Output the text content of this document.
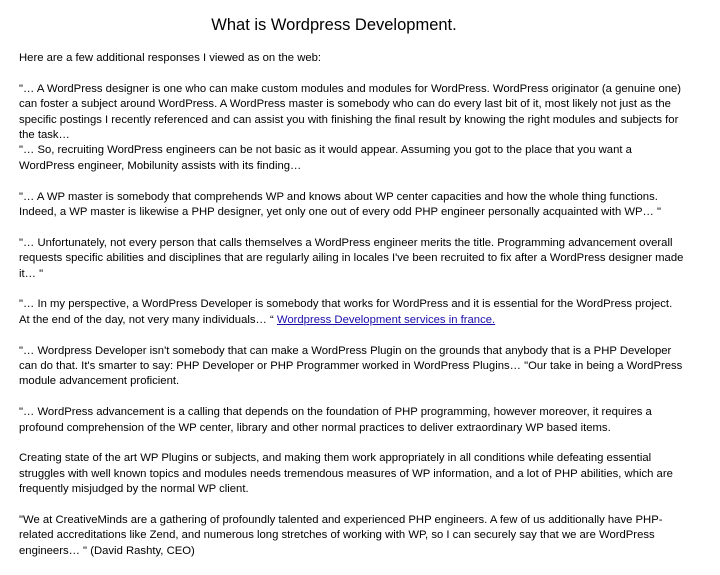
What is Wordpress Development.

Here are a few additional responses I viewed as on the web:

"… A WordPress designer is one who can make custom modules and modules for WordPress. WordPress originator (a genuine one) can foster a subject around WordPress. A WordPress master is somebody who can do every last bit of it, most likely not just as the specific postings I recently referenced and can assist you with finishing the final result by knowing the right modules and subjects for the task…

"… So, recruiting WordPress engineers can be not basic as it would appear. Assuming you got to the place that you want a WordPress engineer, Mobilunity assists with its finding…

"… A WP master is somebody that comprehends WP and knows about WP center capacities and how the whole thing functions. Indeed, a WP master is likewise a PHP designer, yet only one out of every odd PHP engineer personally acquainted with WP… "

"… Unfortunately, not every person that calls themselves a WordPress engineer merits the title. Programming advancement overall requests specific abilities and disciplines that are regularly ailing in locales I've been recruited to fix after a WordPress designer made it… "

"… In my perspective, a WordPress Developer is somebody that works for WordPress and it is essential for the WordPress project. At the end of the day, not very many individuals… “ Wordpress Development services in france.

"… Wordpress Developer isn't somebody that can make a WordPress Plugin on the grounds that anybody that is a PHP Developer can do that. It's smarter to say: PHP Developer or PHP Programmer worked in WordPress Plugins… "Our take in being a WordPress module advancement proficient.

"… WordPress advancement is a calling that depends on the foundation of PHP programming, however moreover, it requires a profound comprehension of the WP center, library and other normal practices to deliver extraordinary WP based items.

Creating state of the art WP Plugins or subjects, and making them work appropriately in all conditions while defeating essential struggles with well known topics and modules needs tremendous measures of WP information, and a lot of PHP abilities, which are frequently misjudged by the normal WP client.

"We at CreativeMinds are a gathering of profoundly talented and experienced PHP engineers. A few of us additionally have PHP-related accreditations like Zend, and numerous long stretches of working with WP, so I can securely say that we are WordPress engineers… " (David Rashty, CEO)
